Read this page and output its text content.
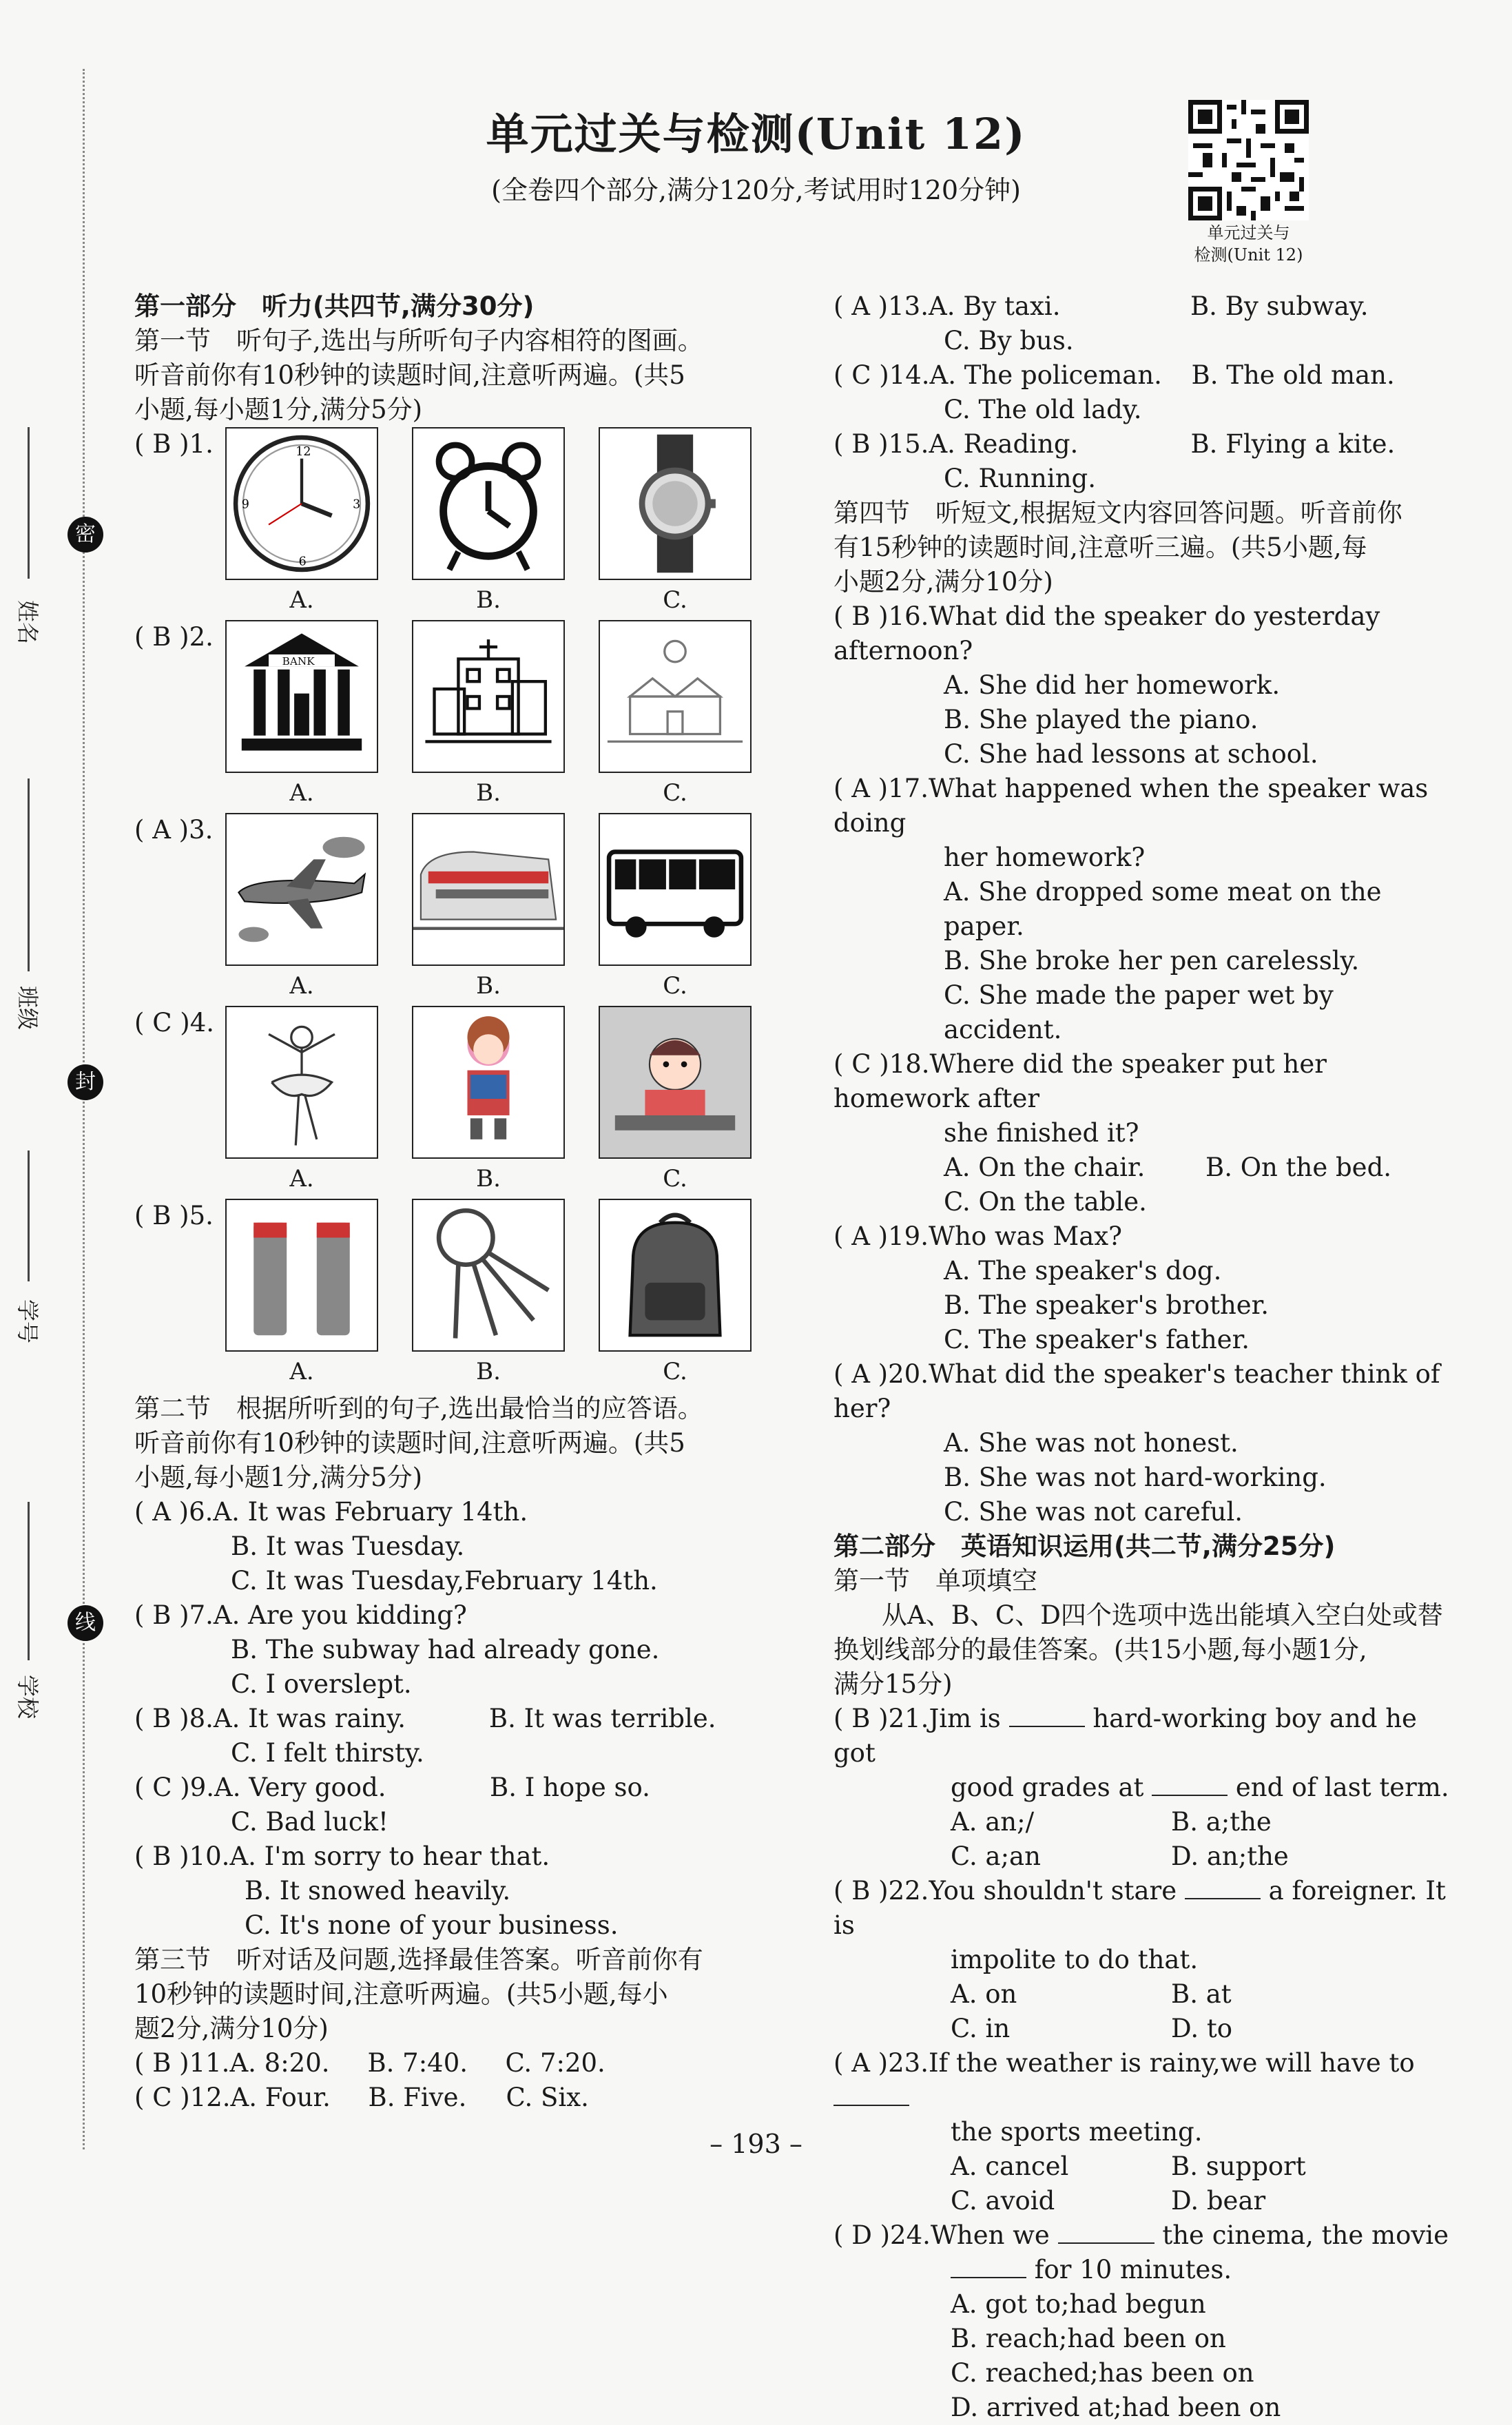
单元过关与检测(Unit 12)
(全卷四个部分,满分120分,考试用时120分钟)
单元过关与
检测(Unit 12)
密
封
线
姓名
班级
学号
学校

第一部分　听力(共四节,满分30分)

第一节　听句子,选出与所听句子内容相符的图画。

听音前你有10秒钟的读题时间,注意听两遍。(共5

小题,每小题1分,满分5分)

( B )1.	12
3
6
9
A.	B.	C.
( B )2.
BANK
A.	B.	C.
( A )3.
A.	B.	C.
( C )4.
A.	B.	C.
( B )5.
A.	B.	C.

第二节　根据所听到的句子,选出最恰当的应答语。

听音前你有10秒钟的读题时间,注意听两遍。(共5

小题,每小题1分,满分5分)

( A )6.A. It was February 14th.

B. It was Tuesday.

C. It was Tuesday,February 14th.

( B )7.A. Are you kidding?

B. The subway had already gone.

C. I overslept.

( B )8.A. It was rainy.	B. It was terrible.

C. I felt thirsty.

( C )9.A. Very good.	B. I hope so.

C. Bad luck!

( B )10.A. I'm sorry to hear that.

B. It snowed heavily.

C. It's none of your business.

第三节　听对话及问题,选择最佳答案。听音前你有

10秒钟的读题时间,注意听两遍。(共5小题,每小

题2分,满分10分)

( B )11.A. 8:20. B. 7:40. C. 7:20.

( C )12.A. Four. B. Five. C. Six.

( A )13.A. By taxi.	B. By subway.

C. By bus.

( C )14.A. The policeman. B. The old man.

C. The old lady.

( B )15.A. Reading.	B. Flying a kite.

C. Running.

第四节　听短文,根据短文内容回答问题。听音前你

有15秒钟的读题时间,注意听三遍。(共5小题,每

小题2分,满分10分)

( B )16.What did the speaker do yesterday afternoon?

A. She did her homework.

B. She played the piano.

C. She had lessons at school.

( A )17.What happened when the speaker was doing

her homework?

A. She dropped some meat on the paper.

B. She broke her pen carelessly.

C. She made the paper wet by accident.

( C )18.Where did the speaker put her homework after

she finished it?

A. On the chair. B. On the bed.

C. On the table.

( A )19.Who was Max?

A. The speaker's dog.

B. The speaker's brother.

C. The speaker's father.

( A )20.What did the speaker's teacher think of her?

A. She was not honest.

B. She was not hard-working.

C. She was not careful.

第二部分　英语知识运用(共二节,满分25分)

第一节　单项填空

从A、B、C、D四个选项中选出能填入空白处或替

换划线部分的最佳答案。(共15小题,每小题1分,

满分15分)

( B )21.Jim is	hard-working boy and he got

good grades at	end of last term.

A. an;/	B. a;the

C. a;an	D. an;the

( B )22.You shouldn't stare	a foreigner. It is

impolite to do that.

A. on	B. at

C. in	D. to

( A )23.If the weather is rainy,we will have to

the sports meeting.

A. cancel	B. support

C. avoid	D. bear

( D )24.When we	the cinema, the movie

for 10 minutes.

A. got to;had begun

B. reach;had been on

C. reached;has been on

D. arrived at;had been on

– 193 –
